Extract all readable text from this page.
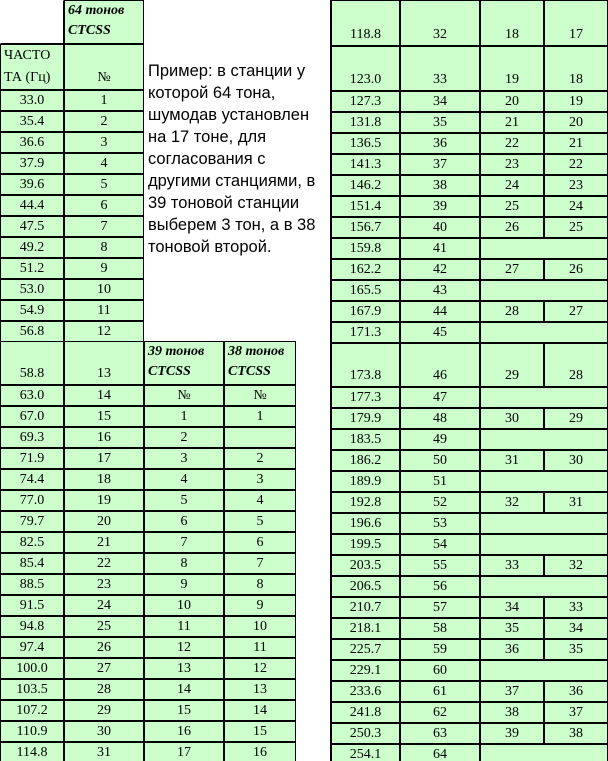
64 тонов
CTCSS
ЧАСТО
ТА (Гц)	№	Пример: в станции у которой 64 тона, шумодав установлен на 17 тоне, для согласования с другими станциями, в 39 тоновой станции выберем 3 тон, а в 38 тоновой второй.
39 тонов
CTCSS
38 тонов
CTCSS
33.0	1
35.4	2
36.6	3
37.9	4
39.6	5
44.4	6
47.5	7
49.2	8
51.2	9
53.0	10
54.9	11
56.8	12
58.8	13
63.0	14	№	№
67.0	15	1	1
69.3	16	2
71.9	17	3	2
74.4	18	4	3
77.0	19	5	4
79.7	20	6	5
82.5	21	7	6
85.4	22	8	7
88.5	23	9	8
91.5	24	10	9
94.8	25	11	10
97.4	26	12	11
100.0	27	13	12
103.5	28	14	13
107.2	29	15	14
110.9	30	16	15
114.8	31	17	16
118.8	32	18	17
123.0	33	19	18
127.3	34	20	19
131.8	35	21	20
136.5	36	22	21
141.3	37	23	22
146.2	38	24	23
151.4	39	25	24
156.7	40	26	25
159.8	41
162.2	42	27	26
165.5	43
167.9	44	28	27
171.3	45
173.8	46	29	28
177.3	47
179.9	48	30	29
183.5	49
186.2	50	31	30
189.9	51
192.8	52	32	31
196.6	53
199.5	54
203.5	55	33	32
206.5	56
210.7	57	34	33
218.1	58	35	34
225.7	59	36	35
229.1	60
233.6	61	37	36
241.8	62	38	37
250.3	63	39	38
254.1	64
